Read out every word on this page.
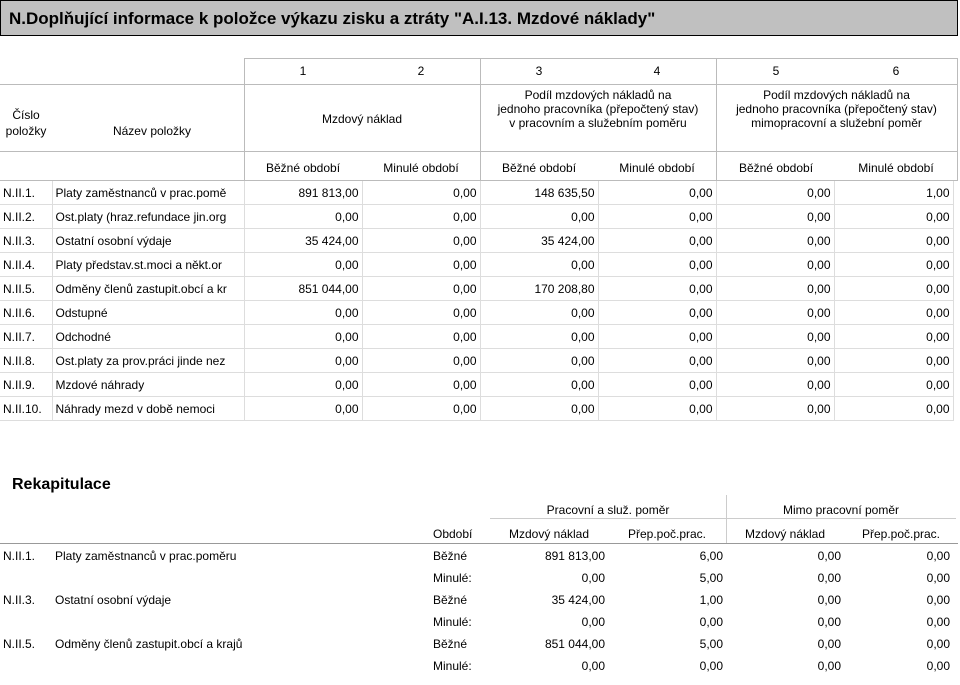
N.Doplňující informace k položce výkazu zisku a ztráty "A.I.13. Mzdové náklady"
1	2	3	4	5	6
Číslo
položky	Název položky
Mzdový náklad
Podíl mzdových nákladů na
jednoho pracovníka (přepočtený stav)
v pracovním a služebním poměru
Podíl mzdových nákladů na
jednoho pracovníka (přepočtený stav)
mimopracovní a služební poměr
Běžné období	Minulé období	Běžné období	Minulé období	Běžné období	Minulé období
N.II.1.	Platy zaměstnanců v prac.pomě	891 813,00	0,00	148 635,50	0,00	0,00	1,00
N.II.2.	Ost.platy (hraz.refundace jin.org	0,00	0,00	0,00	0,00	0,00	0,00
N.II.3.	Ostatní osobní výdaje	35 424,00	0,00	35 424,00	0,00	0,00	0,00
N.II.4.	Platy představ.st.moci a někt.or	0,00	0,00	0,00	0,00	0,00	0,00
N.II.5.	Odměny členů zastupit.obcí a kr	851 044,00	0,00	170 208,80	0,00	0,00	0,00
N.II.6.	Odstupné	0,00	0,00	0,00	0,00	0,00	0,00
N.II.7.	Odchodné	0,00	0,00	0,00	0,00	0,00	0,00
N.II.8.	Ost.platy za prov.práci jinde nez	0,00	0,00	0,00	0,00	0,00	0,00
N.II.9.	Mzdové náhrady	0,00	0,00	0,00	0,00	0,00	0,00
N.II.10.	Náhrady mezd v době nemoci	0,00	0,00	0,00	0,00	0,00	0,00
Rekapitulace
Pracovní a služ. poměr	Mimo pracovní poměr
Období	Mzdový náklad	Přep.poč.prac.	Mzdový náklad	Přep.poč.prac.
N.II.1.	Platy zaměstnanců v prac.poměru	Běžné	891 813,00	6,00	0,00	0,00
		Minulé:	0,00	5,00	0,00	0,00
N.II.3.	Ostatní osobní výdaje	Běžné	35 424,00	1,00	0,00	0,00
		Minulé:	0,00	0,00	0,00	0,00
N.II.5.	Odměny členů zastupit.obcí a krajů	Běžné	851 044,00	5,00	0,00	0,00
		Minulé:	0,00	0,00	0,00	0,00
